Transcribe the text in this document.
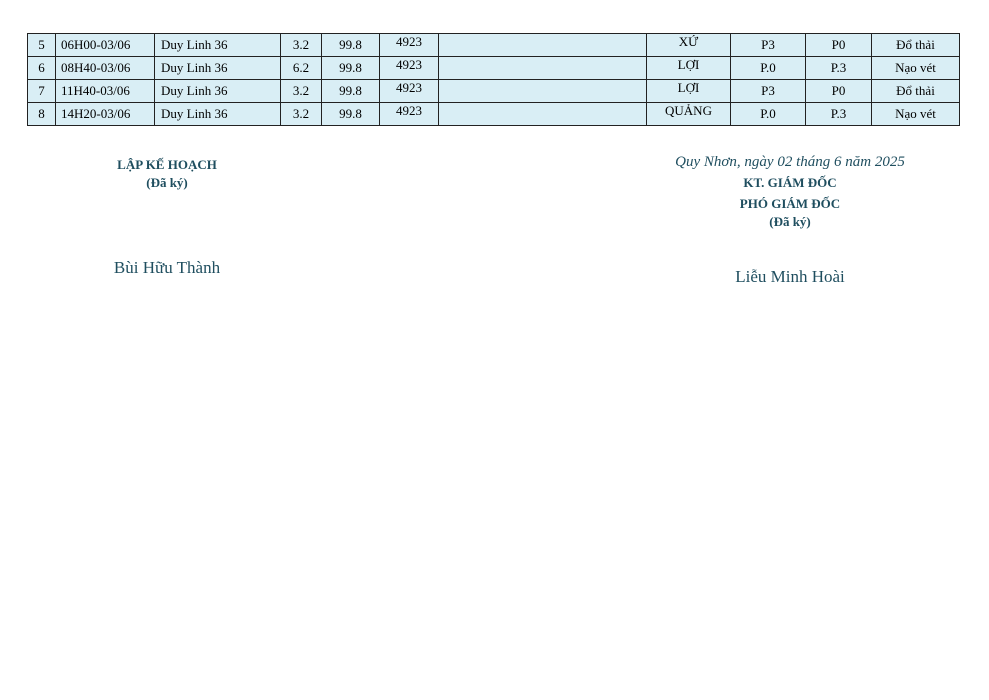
5	06H00-03/06	Duy Linh 36	3.2	99.8	4923		XỨ	P3	P0	Đổ thải
6	08H40-03/06	Duy Linh 36	6.2	99.8	4923		LỢI	P.0	P.3	Nạo vét
7	11H40-03/06	Duy Linh 36	3.2	99.8	4923		LỢI	P3	P0	Đổ thải
8	14H20-03/06	Duy Linh 36	3.2	99.8	4923		QUẢNG	P.0	P.3	Nạo vét
LẬP KẾ HOẠCH
(Đã ký)
Bùi Hữu Thành
Quy Nhơn, ngày 02 tháng 6 năm 2025
KT. GIÁM ĐỐC
PHÓ GIÁM ĐỐC
(Đã ký)
Liễu Minh Hoài
